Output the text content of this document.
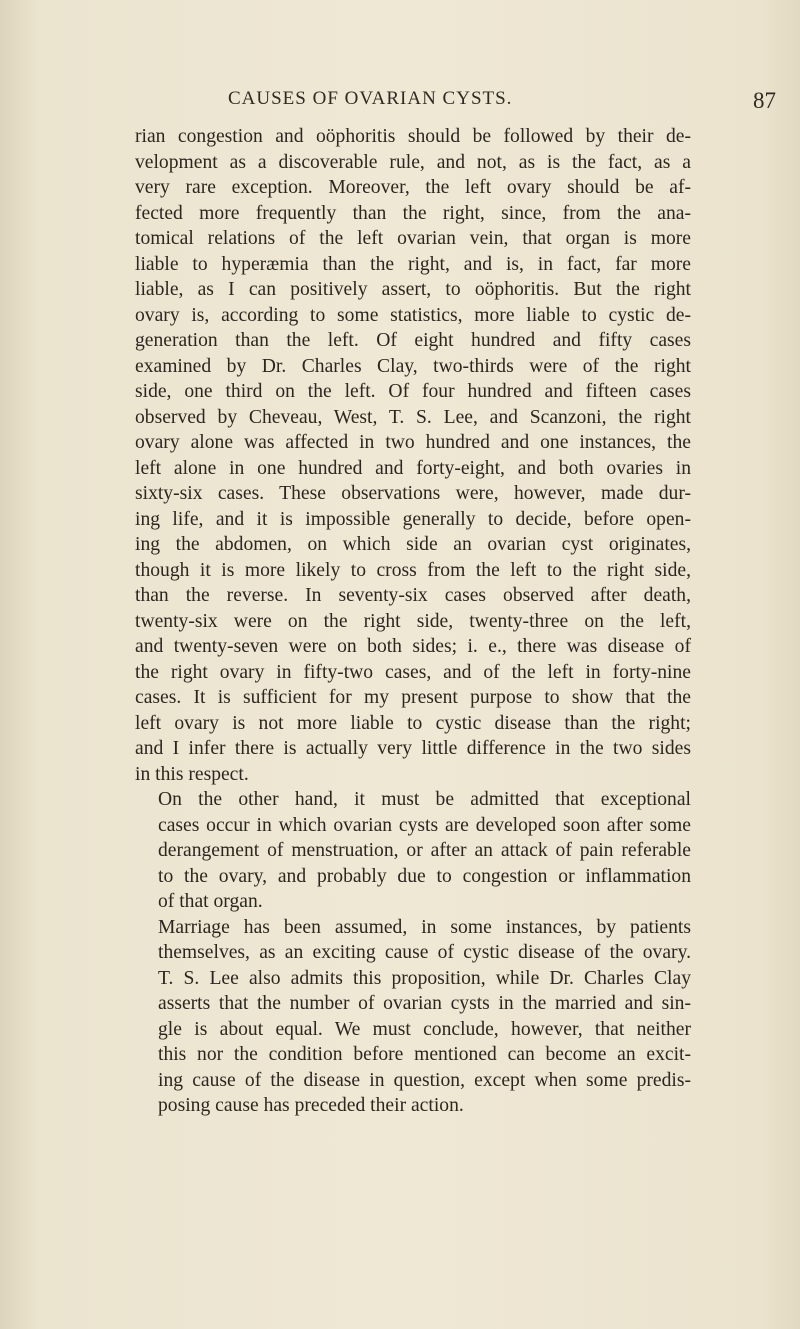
CAUSES OF OVARIAN CYSTS.	87

rian congestion and oöphoritis should be followed by their de-
velopment as a discoverable rule, and not, as is the fact, as a
very rare exception. Moreover, the left ovary should be af-
fected more frequently than the right, since, from the ana-
tomical relations of the left ovarian vein, that organ is more
liable to hyperæmia than the right, and is, in fact, far more
liable, as I can positively assert, to oöphoritis. But the right
ovary is, according to some statistics, more liable to cystic de-
generation than the left. Of eight hundred and fifty cases
examined by Dr. Charles Clay, two-thirds were of the right
side, one third on the left. Of four hundred and fifteen cases
observed by Cheveau, West, T. S. Lee, and Scanzoni, the right
ovary alone was affected in two hundred and one instances, the
left alone in one hundred and forty-eight, and both ovaries in
sixty-six cases. These observations were, however, made dur-
ing life, and it is impossible generally to decide, before open-
ing the abdomen, on which side an ovarian cyst originates,
though it is more likely to cross from the left to the right side,
than the reverse. In seventy-six cases observed after death,
twenty-six were on the right side, twenty-three on the left,
and twenty-seven were on both sides; i. e., there was disease of
the right ovary in fifty-two cases, and of the left in forty-nine
cases. It is sufficient for my present purpose to show that the
left ovary is not more liable to cystic disease than the right;
and I infer there is actually very little difference in the two sides
in this respect.

On the other hand, it must be admitted that exceptional
cases occur in which ovarian cysts are developed soon after some
derangement of menstruation, or after an attack of pain referable
to the ovary, and probably due to congestion or inflammation
of that organ.

Marriage has been assumed, in some instances, by patients
themselves, as an exciting cause of cystic disease of the ovary.
T. S. Lee also admits this proposition, while Dr. Charles Clay
asserts that the number of ovarian cysts in the married and sin-
gle is about equal. We must conclude, however, that neither
this nor the condition before mentioned can become an excit-
ing cause of the disease in question, except when some predis-
posing cause has preceded their action.
